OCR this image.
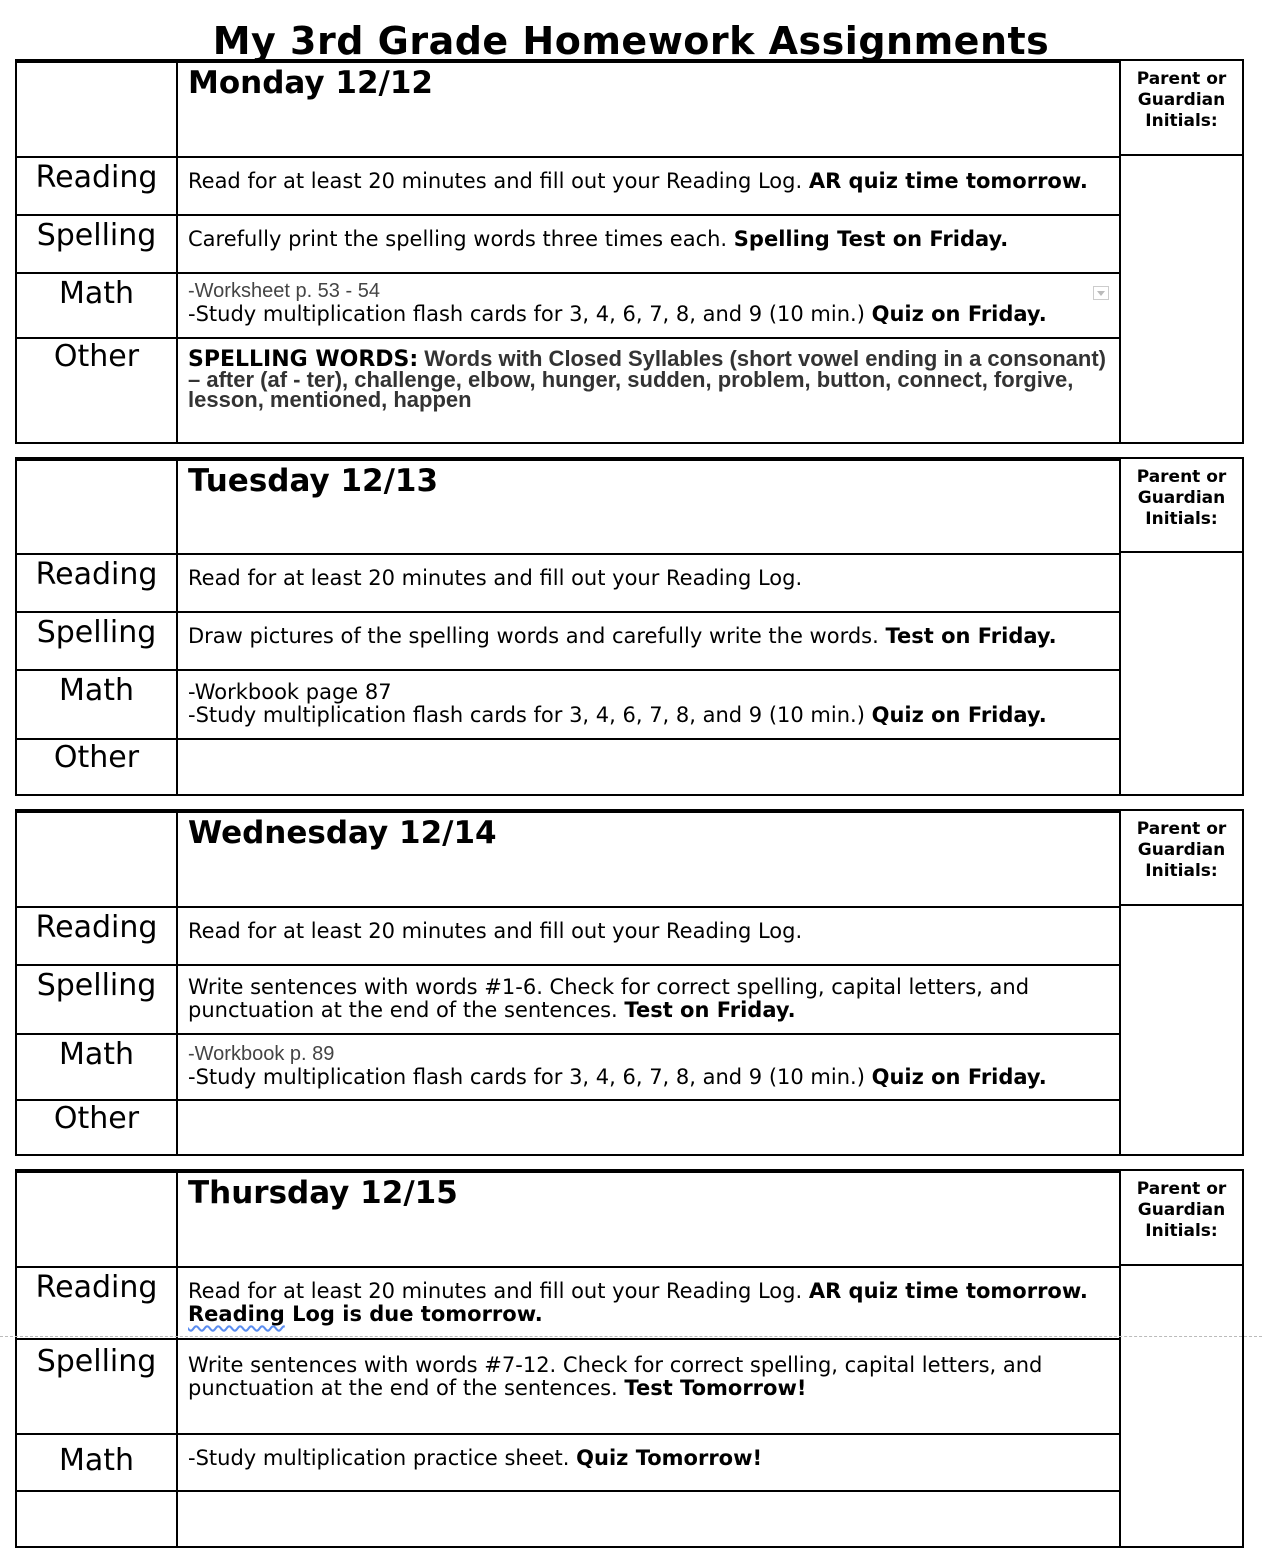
My 3rd Grade Homework Assignments
Monday 12/12
Reading	Read for at least 20 minutes and fill out your Reading Log. AR quiz time tomorrow.
Spelling	Carefully print the spelling words three times each. Spelling Test on Friday.
Math	-Worksheet p. 53 - 54
-Study multiplication flash cards for 3, 4, 6, 7, 8, and 9 (10 min.) Quiz on Friday.
Other	SPELLING WORDS: Words with Closed Syllables (short vowel ending in a consonant) – after (af - ter), challenge, elbow, hunger, sudden, problem, button, connect, forgive, lesson, mentioned, happen
Parent or
Guardian
Initials:
Tuesday 12/13
Reading	Read for at least 20 minutes and fill out your Reading Log.
Spelling	Draw pictures of the spelling words and carefully write the words. Test on Friday.
Math	-Workbook page 87
-Study multiplication flash cards for 3, 4, 6, 7, 8, and 9 (10 min.) Quiz on Friday.
Other
Parent or
Guardian
Initials:
Wednesday 12/14
Reading	Read for at least 20 minutes and fill out your Reading Log.
Spelling	Write sentences with words #1-6. Check for correct spelling, capital letters, and punctuation at the end of the sentences. Test on Friday.
Math	-Workbook p. 89
-Study multiplication flash cards for 3, 4, 6, 7, 8, and 9 (10 min.) Quiz on Friday.
Other
Parent or
Guardian
Initials:
Thursday 12/15
Reading	Read for at least 20 minutes and fill out your Reading Log. AR quiz time tomorrow.
Reading Log is due tomorrow.
Spelling	Write sentences with words #7-12. Check for correct spelling, capital letters, and punctuation at the end of the sentences. Test Tomorrow!
Math	-Study multiplication practice sheet. Quiz Tomorrow!
Parent or
Guardian
Initials:
